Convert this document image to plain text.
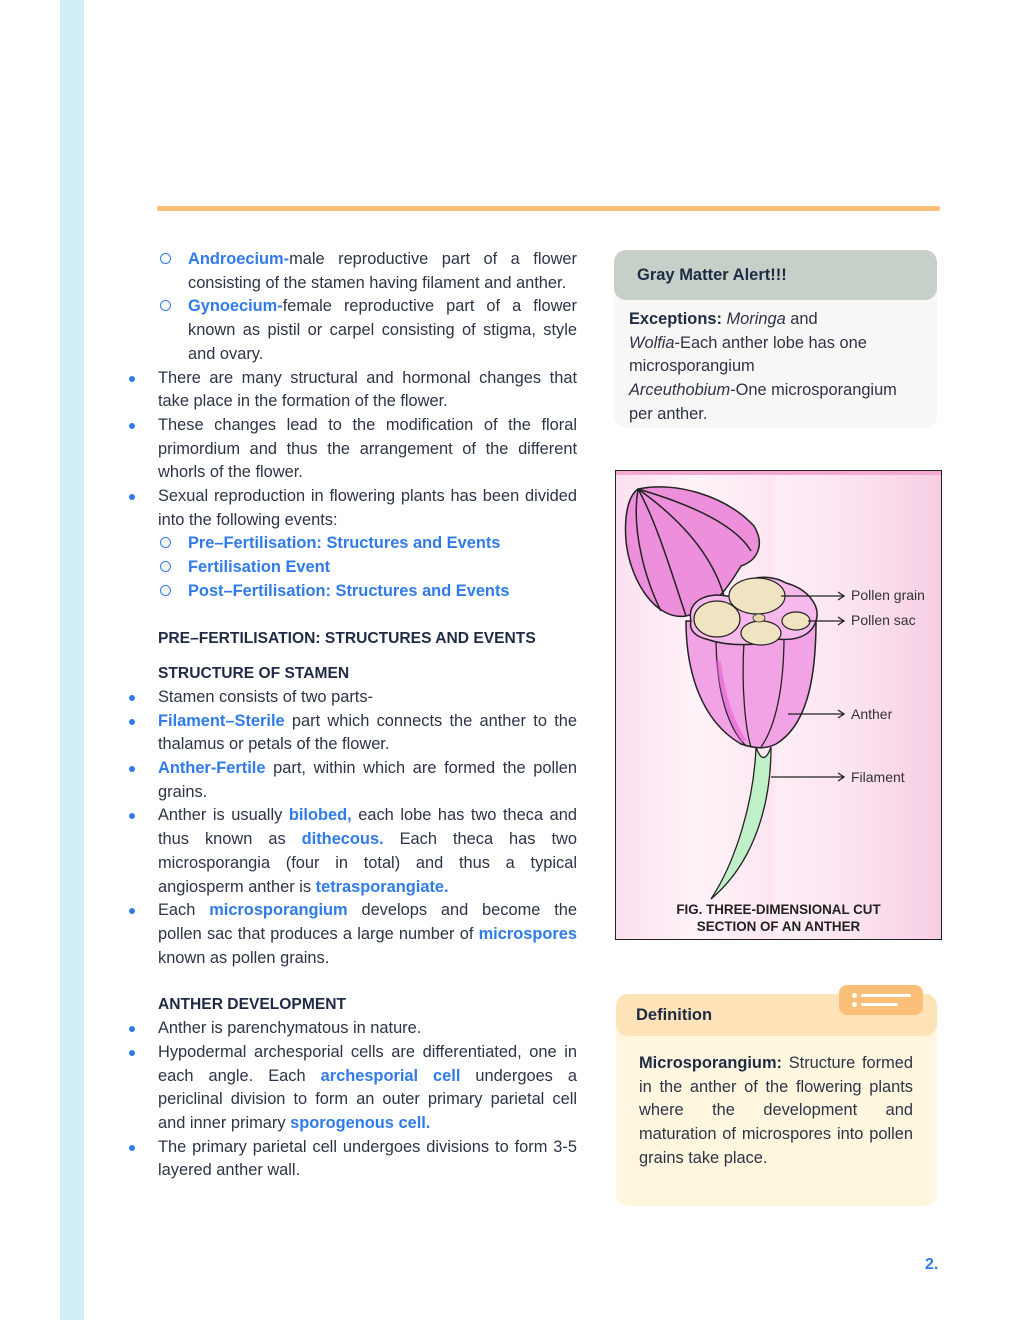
Androecium-male reproductive part of a flower consisting of the stamen having filament and anther.
Gynoecium-female reproductive part of a flower known as pistil or carpel consisting of stigma, style and ovary.
There are many structural and hormonal changes that take place in the formation of the flower.
These changes lead to the modification of the floral primordium and thus the arrangement of the different whorls of the flower.
Sexual reproduction in flowering plants has been divided into the following events:
Pre–Fertilisation: Structures and Events
Fertilisation Event
Post–Fertilisation: Structures and Events
PRE–FERTILISATION: STRUCTURES AND EVENTS
STRUCTURE OF STAMEN
Stamen consists of two parts-
Filament–Sterile part which connects the anther to the thalamus or petals of the flower.
Anther-Fertile part, within which are formed the pollen grains.
Anther is usually bilobed, each lobe has two theca and thus known as dithecous. Each theca has two microsporangia (four in total) and thus a typical angiosperm anther is tetrasporangiate.
Each microsporangium develops and become the pollen sac that produces a large number of microspores known as pollen grains.
ANTHER DEVELOPMENT
Anther is parenchymatous in nature.
Hypodermal archesporial cells are differentiated, one in each angle. Each archesporial cell undergoes a periclinal division to form an outer primary parietal cell and inner primary sporogenous cell.
The primary parietal cell undergoes divisions to form 3-5 layered anther wall.
Gray Matter Alert!!!
Exceptions: Moringa and
Wolfia-Each anther lobe has one microsporangium
Arceuthobium-One microsporangium per anther.
Pollen grain
Pollen sac
Anther
Filament
FIG. THREE-DIMENSIONAL CUT
SECTION OF AN ANTHER
Definition
Microsporangium: Structure formed in the anther of the flowering plants where the development and maturation of microspores into pollen grains take place.
2.
